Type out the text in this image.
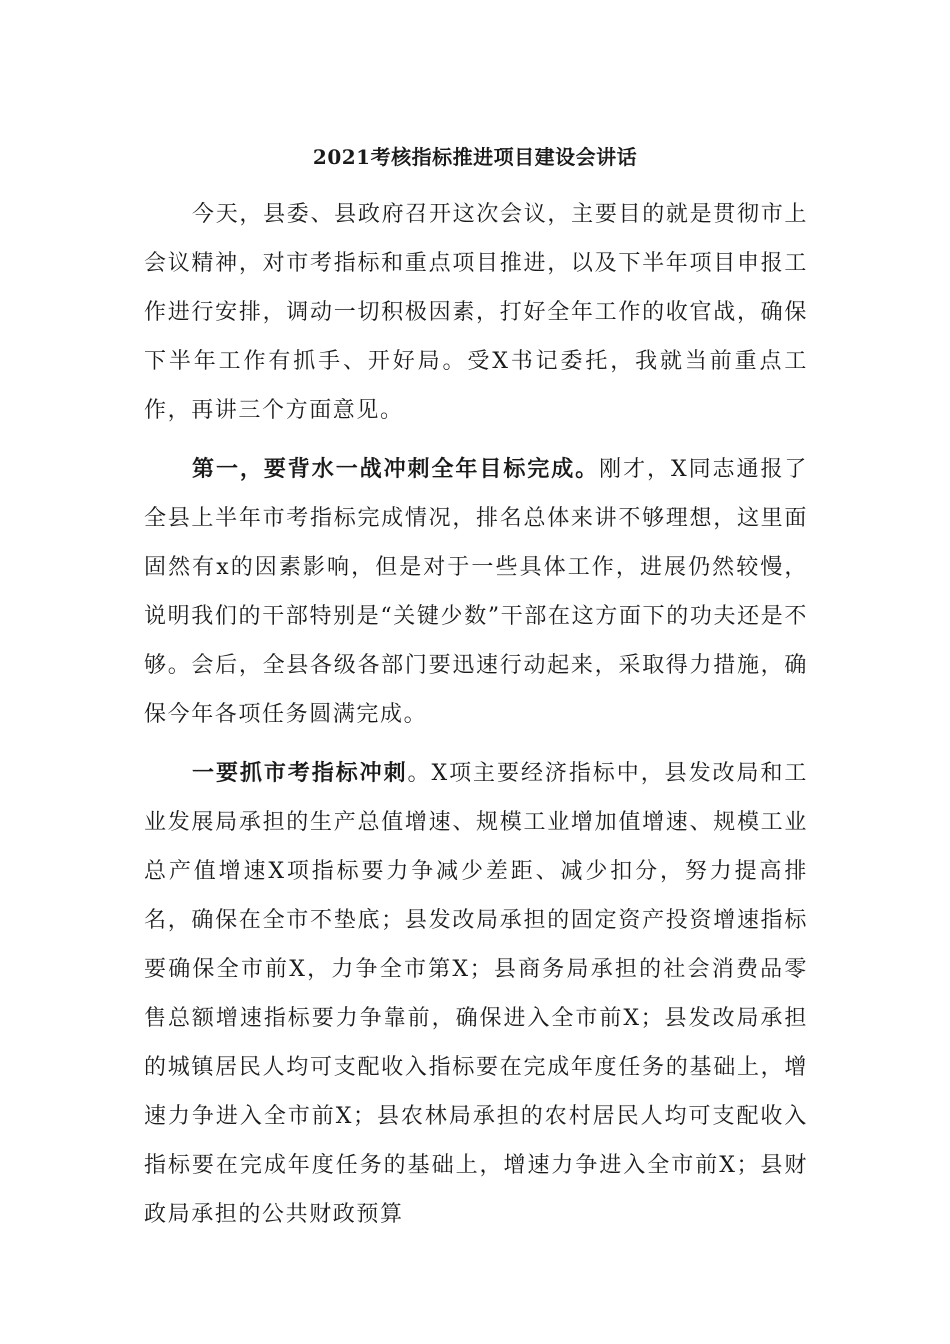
2021考核指标推进项目建设会讲话

今天，县委、县政府召开这次会议，主要目的就是贯彻市上会议精神，对市考指标和重点项目推进，以及下半年项目申报工作进行安排，调动一切积极因素，打好全年工作的收官战，确保下半年工作有抓手、开好局。受X书记委托，我就当前重点工作，再讲三个方面意见。

第一，要背水一战冲刺全年目标完成。刚才，X同志通报了全县上半年市考指标完成情况，排名总体来讲不够理想，这里面固然有x的因素影响，但是对于一些具体工作，进展仍然较慢，说明我们的干部特别是“关键少数”干部在这方面下的功夫还是不够。会后，全县各级各部门要迅速行动起来，采取得力措施，确保今年各项任务圆满完成。

一要抓市考指标冲刺。X项主要经济指标中，县发改局和工业发展局承担的生产总值增速、规模工业增加值增速、规模工业总产值增速X项指标要力争减少差距、减少扣分，努力提高排名，确保在全市不垫底；县发改局承担的固定资产投资增速指标要确保全市前X，力争全市第X；县商务局承担的社会消费品零售总额增速指标要力争靠前，确保进入全市前X；县发改局承担的城镇居民人均可支配收入指标要在完成年度任务的基础上，增速力争进入全市前X；县农林局承担的农村居民人均可支配收入指标要在完成年度任务的基础上，增速力争进入全市前X；县财政局承担的公共财政预算
